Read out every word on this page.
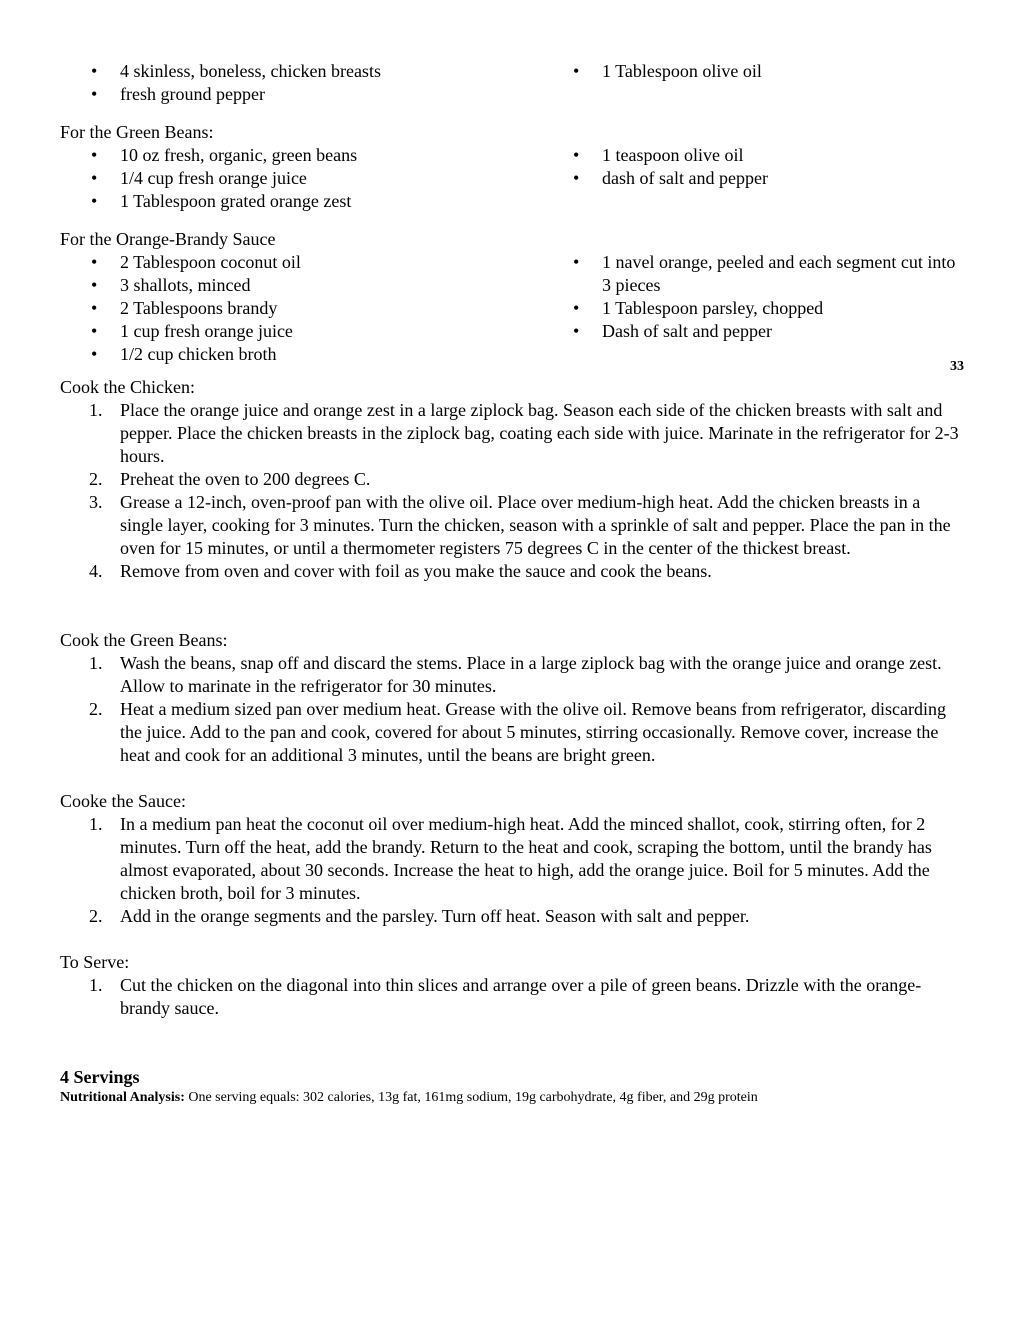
• 4 skinless, boneless, chicken breasts
• fresh ground pepper
• 1 Tablespoon olive oil

For the Green Beans:

• 10 oz fresh, organic, green beans
• 1/4 cup fresh orange juice
• 1 Tablespoon grated orange zest
• 1 teaspoon olive oil
• dash of salt and pepper

For the Orange-Brandy Sauce

• 2 Tablespoon coconut oil
• 3 shallots, minced
• 2 Tablespoons brandy
• 1 cup fresh orange juice
• 1/2 cup chicken broth
• 1 navel orange, peeled and each segment cut into 3 pieces
• 1 Tablespoon parsley, chopped
• Dash of salt and pepper

33

Cook the Chicken:

1. Place the orange juice and orange zest in a large ziplock bag. Season each side of the chicken breasts with salt and pepper. Place the chicken breasts in the ziplock bag, coating each side with juice. Marinate in the refrigerator for 2-3 hours.
2. Preheat the oven to 200 degrees C.
3. Grease a 12-inch, oven-proof pan with the olive oil. Place over medium-high heat. Add the chicken breasts in a single layer, cooking for 3 minutes. Turn the chicken, season with a sprinkle of salt and pepper. Place the pan in the oven for 15 minutes, or until a thermometer registers 75 degrees C in the center of the thickest breast.
4. Remove from oven and cover with foil as you make the sauce and cook the beans.

Cook the Green Beans:

1. Wash the beans, snap off and discard the stems. Place in a large ziplock bag with the orange juice and orange zest. Allow to marinate in the refrigerator for 30 minutes.
2. Heat a medium sized pan over medium heat. Grease with the olive oil. Remove beans from refrigerator, discarding the juice. Add to the pan and cook, covered for about 5 minutes, stirring occasionally. Remove cover, increase the heat and cook for an additional 3 minutes, until the beans are bright green.

Cooke the Sauce:

1. In a medium pan heat the coconut oil over medium-high heat. Add the minced shallot, cook, stirring often, for 2 minutes. Turn off the heat, add the brandy. Return to the heat and cook, scraping the bottom, until the brandy has almost evaporated, about 30 seconds. Increase the heat to high, add the orange juice. Boil for 5 minutes. Add the chicken broth, boil for 3 minutes.
2. Add in the orange segments and the parsley. Turn off heat. Season with salt and pepper.

To Serve:

1. Cut the chicken on the diagonal into thin slices and arrange over a pile of green beans. Drizzle with the orange-brandy sauce.

4 Servings

Nutritional Analysis: One serving equals: 302 calories, 13g fat, 161mg sodium, 19g carbohydrate, 4g fiber, and 29g protein
